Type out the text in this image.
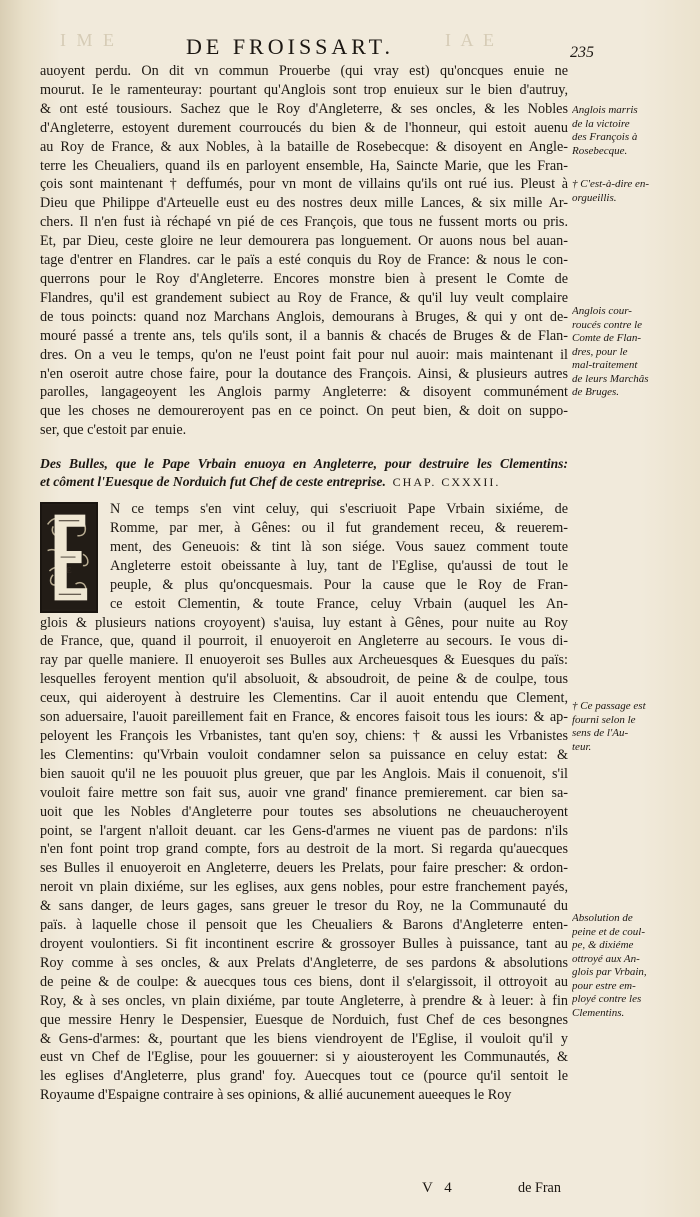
I M E	I A E
DE FROISSART.	235
auoyent perdu. On dit vn commun Prouerbe (qui vray est) qu'oncques enuie ne
mourut. Ie le ramenteuray: pourtant qu'Anglois sont trop enuieux sur le bien d'autruy,
& ont esté tousiours. Sachez que le Roy d'Angleterre, & ses oncles, & les Nobles
d'Angleterre, estoyent durement courroucés du bien & de l'honneur, qui estoit auenu
au Roy de France, & aux Nobles, à la bataille de Rosebecque: & disoyent en Angle-
terre les Cheualiers, quand ils en parloyent ensemble, Ha, Saincte Marie, que les Fran-
çois sont maintenant † deffumés, pour vn mont de villains qu'ils ont rué ius. Pleust à
Dieu que Philippe d'Arteuelle eust eu des nostres deux mille Lances, & six mille Ar-
chers. Il n'en fust ià réchapé vn pié de ces François, que tous ne fussent morts ou pris.
Et, par Dieu, ceste gloire ne leur demourera pas longuement. Or auons nous bel auan-
tage d'entrer en Flandres. car le païs a esté conquis du Roy de France: & nous le con-
querrons pour le Roy d'Angleterre. Encores monstre bien à present le Comte de
Flandres, qu'il est grandement subiect au Roy de France, & qu'il luy veult complaire
de tous poincts: quand noz Marchans Anglois, demourans à Bruges, & qui y ont de-
mouré passé a trente ans, tels qu'ils sont, il a bannis & chacés de Bruges & de Flan-
dres. On a veu le temps, qu'on ne l'eust point fait pour nul auoir: mais maintenant il
n'en oseroit autre chose faire, pour la doutance des François. Ainsi, & plusieurs autres
parolles, langageoyent les Anglois parmy Angleterre: & disoyent communément
que les choses ne demoureroyent pas en ce poinct. On peut bien, & doit on suppo-
ser, que c'estoit par enuie.
Des Bulles, que le Pape Vrbain enuoya en Angleterre, pour destruire les Clementins:
et côment l'Euesque de Norduich fut Chef de ceste entreprise. CHAP. CXXXII.
E
N ce temps s'en vint celuy, qui s'escriuoit Pape Vrbain sixiéme, de
Romme, par mer, à Gênes: ou il fut grandement receu, & reuerem-
ment, des Geneuois: & tint là son siége. Vous sauez comment toute
Angleterre estoit obeissante à luy, tant de l'Eglise, qu'aussi de tout le
peuple, & plus qu'oncquesmais. Pour la cause que le Roy de Fran-
ce estoit Clementin, & toute France, celuy Vrbain (auquel les An-
glois & plusieurs nations croyoyent) s'auisa, luy estant à Gênes, pour nuite au Roy
de France, que, quand il pourroit, il enuoyeroit en Angleterre au secours. Ie vous di-
ray par quelle maniere. Il enuoyeroit ses Bulles aux Archeuesques & Euesques du païs:
lesquelles feroyent mention qu'il absoluoit, & absoudroit, de peine & de coulpe, tous
ceux, qui aideroyent à destruire les Clementins. Car il auoit entendu que Clement,
son aduersaire, l'auoit pareillement fait en France, & encores faisoit tous les iours: & ap-
peloyent les François les Vrbanistes, tant qu'en soy, chiens: † & aussi les Vrbanistes
les Clementins: qu'Vrbain vouloit condamner selon sa puissance en celuy estat: &
bien sauoit qu'il ne les pouuoit plus greuer, que par les Anglois. Mais il conuenoit, s'il
vouloit faire mettre son fait sus, auoir vne grand' finance premierement. car bien sa-
uoit que les Nobles d'Angleterre pour toutes ses absolutions ne cheuaucheroyent
point, se l'argent n'alloit deuant. car les Gens-d'armes ne viuent pas de pardons: n'ils
n'en font point trop grand compte, fors au destroit de la mort. Si regarda qu'auecques
ses Bulles il enuoyeroit en Angleterre, deuers les Prelats, pour faire prescher: & ordon-
neroit vn plain dixiéme, sur les eglises, aux gens nobles, pour estre franchement payés,
& sans danger, de leurs gages, sans greuer le tresor du Roy, ne la Communauté du
païs. à laquelle chose il pensoit que les Cheualiers & Barons d'Angleterre enten-
droyent voulontiers. Si fit incontinent escrire & grossoyer Bulles à puissance, tant au
Roy comme à ses oncles, & aux Prelats d'Angleterre, de ses pardons & absolutions
de peine & de coulpe: & auecques tous ces biens, dont il s'elargissoit, il ottroyoit au
Roy, & à ses oncles, vn plain dixiéme, par toute Angleterre, à prendre & à leuer: à fin
que messire Henry le Despensier, Euesque de Norduich, fust Chef de ces besongnes
& Gens-d'armes: &, pourtant que les biens viendroyent de l'Eglise, il vouloit qu'il y
eust vn Chef de l'Eglise, pour les gouuerner: si y aiousteroyent les Communautés, &
les eglises d'Angleterre, plus grand' foy. Auecques tout ce (pource qu'il sentoit le
Royaume d'Espaigne contraire à ses opinions, & allié aucunement aueeques le Roy
Anglois marris
de la victoire
des François à
Rosebecque.
† C'est-à-dire en-
orgueillis.
Anglois cour-
roucés contre le
Comte de Flan-
dres, pour le
mal-traitement
de leurs Marchâs
de Bruges.
† Ce passage est
fourni selon le
sens de l'Au-
teur.
Absolution de
peine et de coul-
pe, & dixiéme
ottroyé aux An-
glois par Vrbain,
pour estre em-
ployé contre les
Clementins.
V 4	de Fran
